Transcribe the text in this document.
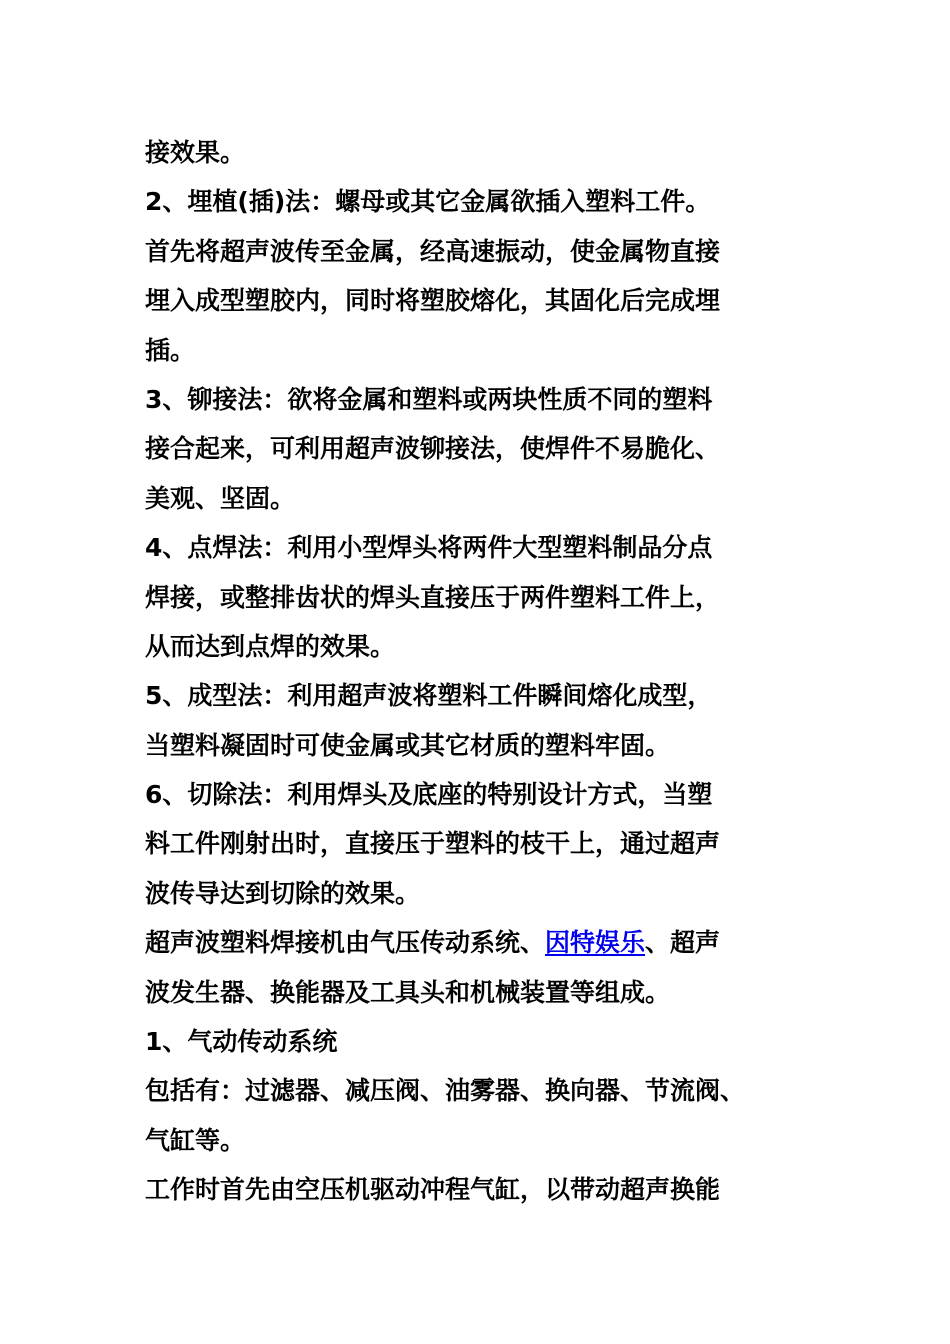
接效果。
2、埋植(插)法：螺母或其它金属欲插入塑料工件。
首先将超声波传至金属，经高速振动，使金属物直接
埋入成型塑胶内，同时将塑胶熔化，其固化后完成埋
插。
3、铆接法：欲将金属和塑料或两块性质不同的塑料
接合起来，可利用超声波铆接法，使焊件不易脆化、
美观、坚固。
4、点焊法：利用小型焊头将两件大型塑料制品分点
焊接，或整排齿状的焊头直接压于两件塑料工件上，
从而达到点焊的效果。
5、成型法：利用超声波将塑料工件瞬间熔化成型，
当塑料凝固时可使金属或其它材质的塑料牢固。
6、切除法：利用焊头及底座的特别设计方式，当塑
料工件刚射出时，直接压于塑料的枝干上，通过超声
波传导达到切除的效果。
超声波塑料焊接机由气压传动系统、因特娱乐、超声
波发生器、换能器及工具头和机械装置等组成。
1、气动传动系统
包括有：过滤器、减压阀、油雾器、换向器、节流阀、
气缸等。
工作时首先由空压机驱动冲程气缸，以带动超声换能
